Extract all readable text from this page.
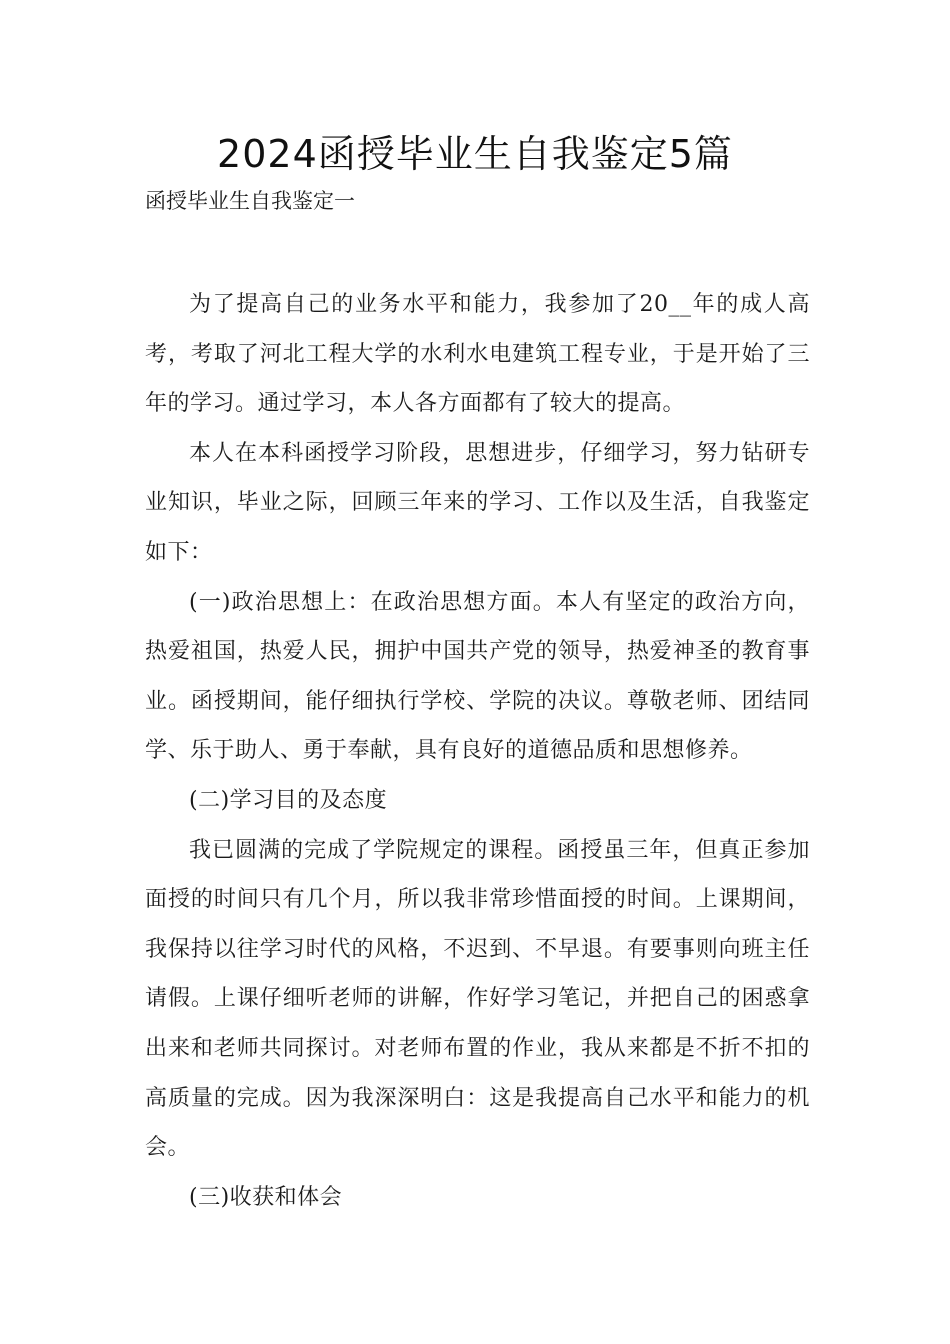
2024函授毕业生自我鉴定5篇

函授毕业生自我鉴定一

为了提高自己的业务水平和能力，我参加了20__年的成人高考，考取了河北工程大学的水利水电建筑工程专业，于是开始了三年的学习。通过学习，本人各方面都有了较大的提高。

本人在本科函授学习阶段，思想进步，仔细学习，努力钻研专业知识，毕业之际，回顾三年来的学习、工作以及生活，自我鉴定如下：

(一)政治思想上：在政治思想方面。本人有坚定的政治方向，热爱祖国，热爱人民，拥护中国共产党的领导，热爱神圣的教育事业。函授期间，能仔细执行学校、学院的决议。尊敬老师、团结同学、乐于助人、勇于奉献，具有良好的道德品质和思想修养。

(二)学习目的及态度

我已圆满的完成了学院规定的课程。函授虽三年，但真正参加面授的时间只有几个月，所以我非常珍惜面授的时间。上课期间，我保持以往学习时代的风格，不迟到、不早退。有要事则向班主任请假。上课仔细听老师的讲解，作好学习笔记，并把自己的困惑拿出来和老师共同探讨。对老师布置的作业，我从来都是不折不扣的高质量的完成。因为我深深明白：这是我提高自己水平和能力的机会。

(三)收获和体会
